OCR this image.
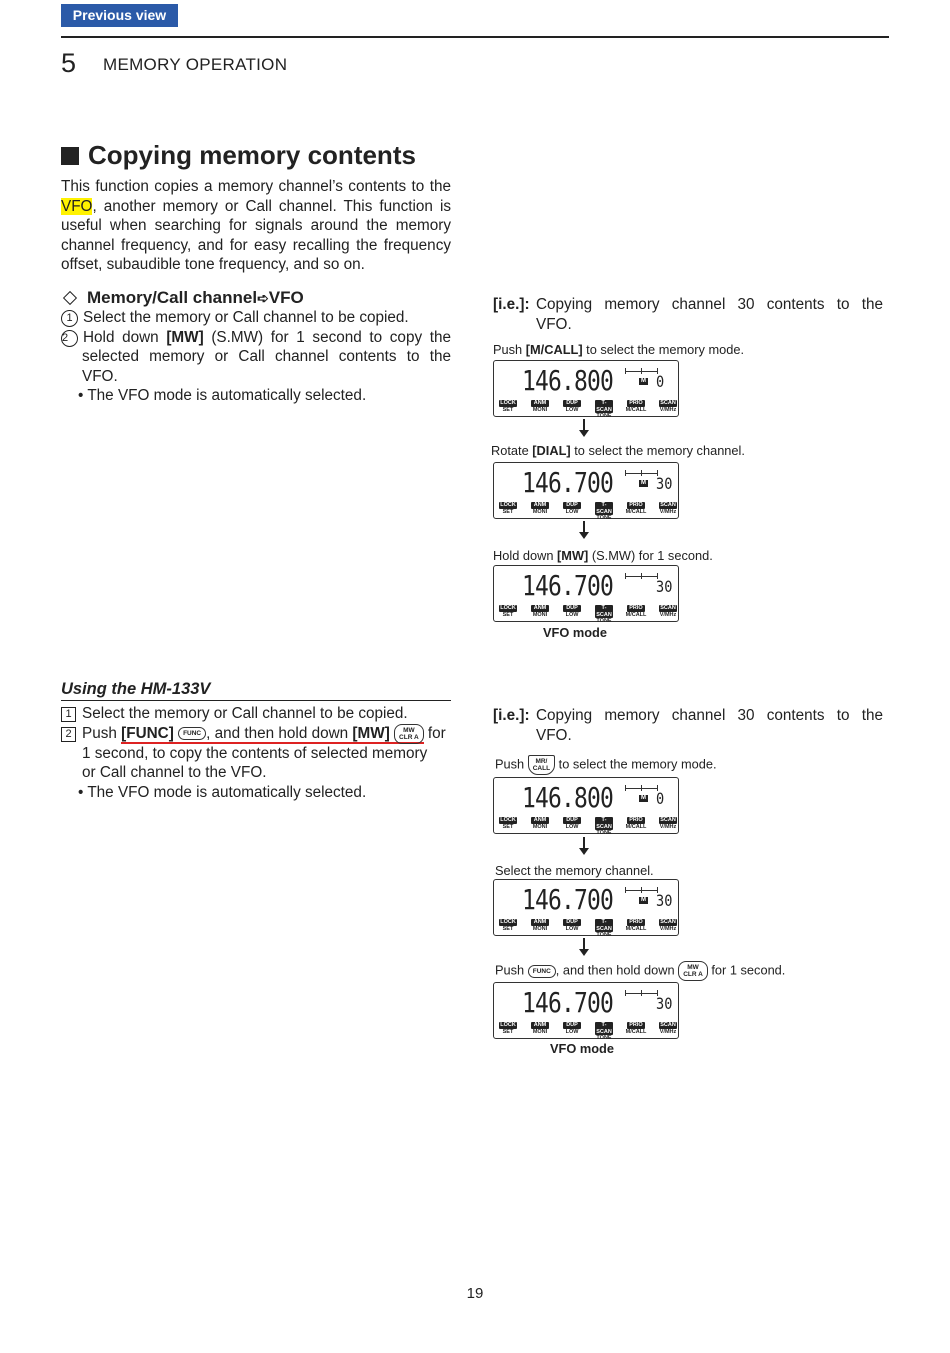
Previous view
5 MEMORY OPERATION
Copying memory contents
This function copies a memory channel’s contents to the
VFO, another memory or Call channel. This function is
useful when searching for signals around the memory
channel frequency, and for easy recalling the frequency
offset, subaudible tone frequency, and so on.
Memory/Call channel ➪ VFO
1 Select the memory or Call channel to be copied.
2 Hold down [MW] (S.MW) for 1 second to copy the
selected memory or Call channel contents to the
VFO.
• The VFO mode is automatically selected.
[i.e.]: Copying memory channel 30 contents to the
VFO.
Push [M/CALL] to select the memory mode.
146.800	M 0
LOCK
SET
ANM
MONI
DUP
LOW
T-SCAN
TONE
PRIO
M/CALL
SCAN
V/MHz
Rotate [DIAL] to select the memory channel.
146.700	M 30
LOCK
SET
ANM
MONI
DUP
LOW
T-SCAN
TONE
PRIO
M/CALL
SCAN
V/MHz
Hold down [MW] (S.MW) for 1 second.
146.700	30
LOCK
SET
ANM
MONI
DUP
LOW
T-SCAN
TONE
PRIO
M/CALL
SCAN
V/MHz
VFO mode
Using the HM-133V
1 Select the memory or Call channel to be copied.
2 Push [FUNC] FUNC , and then hold down [MW] MW
CLR A for
1 second, to copy the contents of selected memory
or Call channel to the VFO.
• The VFO mode is automatically selected.
[i.e.]: Copying memory channel 30 contents to the
VFO.
Push MR/
CALL to select the memory mode.
146.800	M 0
LOCK
SET
ANM
MONI
DUP
LOW
T-SCAN
TONE
PRIO
M/CALL
SCAN
V/MHz
Select the memory channel.
146.700	M 30
LOCK
SET
ANM
MONI
DUP
LOW
T-SCAN
TONE
PRIO
M/CALL
SCAN
V/MHz
Push FUNC , and then hold down MW
CLR A for 1 second.
146.700	30
LOCK
SET
ANM
MONI
DUP
LOW
T-SCAN
TONE
PRIO
M/CALL
SCAN
V/MHz
VFO mode
19
